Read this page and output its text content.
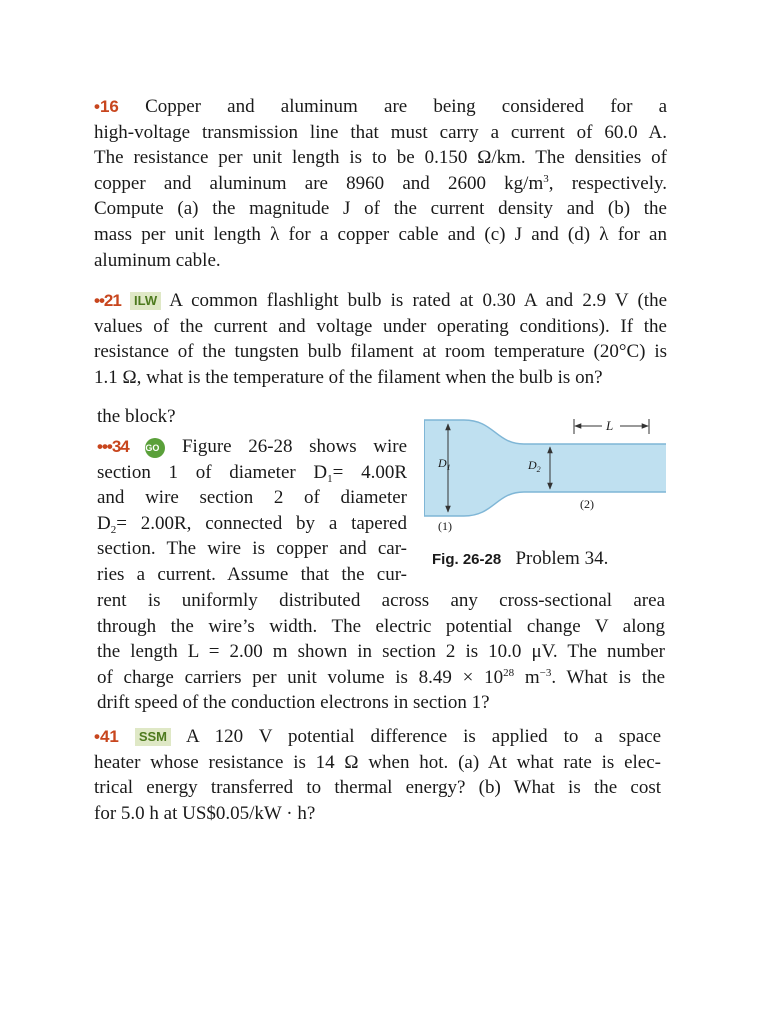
•16 Copper and aluminum are being considered for a

high-voltage transmission line that must carry a current of 60.0 A.

The resistance per unit length is to be 0.150 Ω/km. The densities of

copper and aluminum are 8960 and 2600 $kg/m^3$, respectively.

Compute (a) the magnitude J of the current density and (b) the

mass per unit length λ for a copper cable and (c) J and (d) λ for an

aluminum cable.

••21 ILW A common flashlight bulb is rated at 0.30 A and 2.9 V (the

values of the current and voltage under operating conditions). If the

resistance of the tungsten bulb filament at room temperature (20°C) is

1.1 Ω, what is the temperature of the filament when the bulb is on?

the block?

•••34 GO Figure 26-28 shows wire

section 1 of diameter $D_1= 4.00R$

and wire section 2 of diameter

$D_2= 2.00R$, connected by a tapered

section. The wire is copper and car-

ries a current. Assume that the cur-

rent is uniformly distributed across any cross-sectional area

through the wire’s width. The electric potential change V along

the length L = 2.00 m shown in section 2 is 10.0 μV. The number

of charge carriers per unit volume is $8.49 \times 10^{28}$ $m^{-3}$. What is the

drift speed of the conduction electrons in section 1?

$D_1$	$D_2$
L
(2)
(1)
Fig. 26-28 Problem 34.

•41 SSM A 120 V potential difference is applied to a space

heater whose resistance is 14 Ω when hot. (a) At what rate is elec-

trical energy transferred to thermal energy? (b) What is the cost

for 5.0 h at US$0.05/kW · h?
